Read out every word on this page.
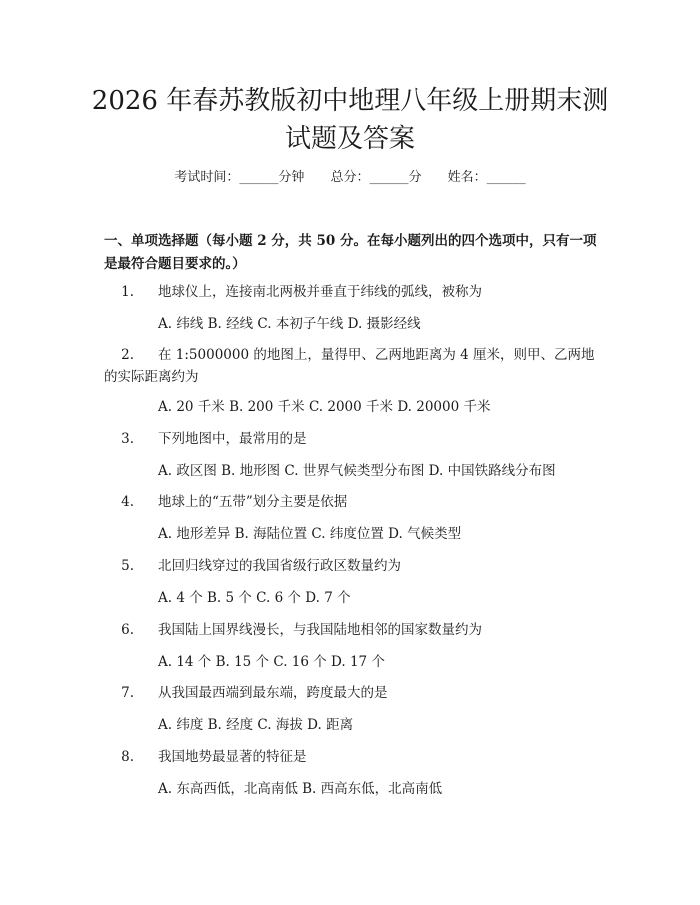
2026 年春苏教版初中地理八年级上册期末测
试题及答案
考试时间：______分钟 总分：______分 姓名：______

一、单项选择题（每小题 2 分，共 50 分。在每小题列出的四个选项中，只有一项是最符合题目要求的。）

1. 地球仪上，连接南北两极并垂直于纬线的弧线，被称为

A. 纬线 B. 经线 C. 本初子午线 D. 摄影经线

2. 在 1:5000000 的地图上，量得甲、乙两地距离为 4 厘米，则甲、乙两地的实际距离约为

A. 20 千米 B. 200 千米 C. 2000 千米 D. 20000 千米

3. 下列地图中，最常用的是

A. 政区图 B. 地形图 C. 世界气候类型分布图 D. 中国铁路线分布图

4. 地球上的“五带”划分主要是依据

A. 地形差异 B. 海陆位置 C. 纬度位置 D. 气候类型

5. 北回归线穿过的我国省级行政区数量约为

A. 4 个 B. 5 个 C. 6 个 D. 7 个

6. 我国陆上国界线漫长，与我国陆地相邻的国家数量约为

A. 14 个 B. 15 个 C. 16 个 D. 17 个

7. 从我国最西端到最东端，跨度最大的是

A. 纬度 B. 经度 C. 海拔 D. 距离

8. 我国地势最显著的特征是

A. 东高西低，北高南低 B. 西高东低，北高南低
